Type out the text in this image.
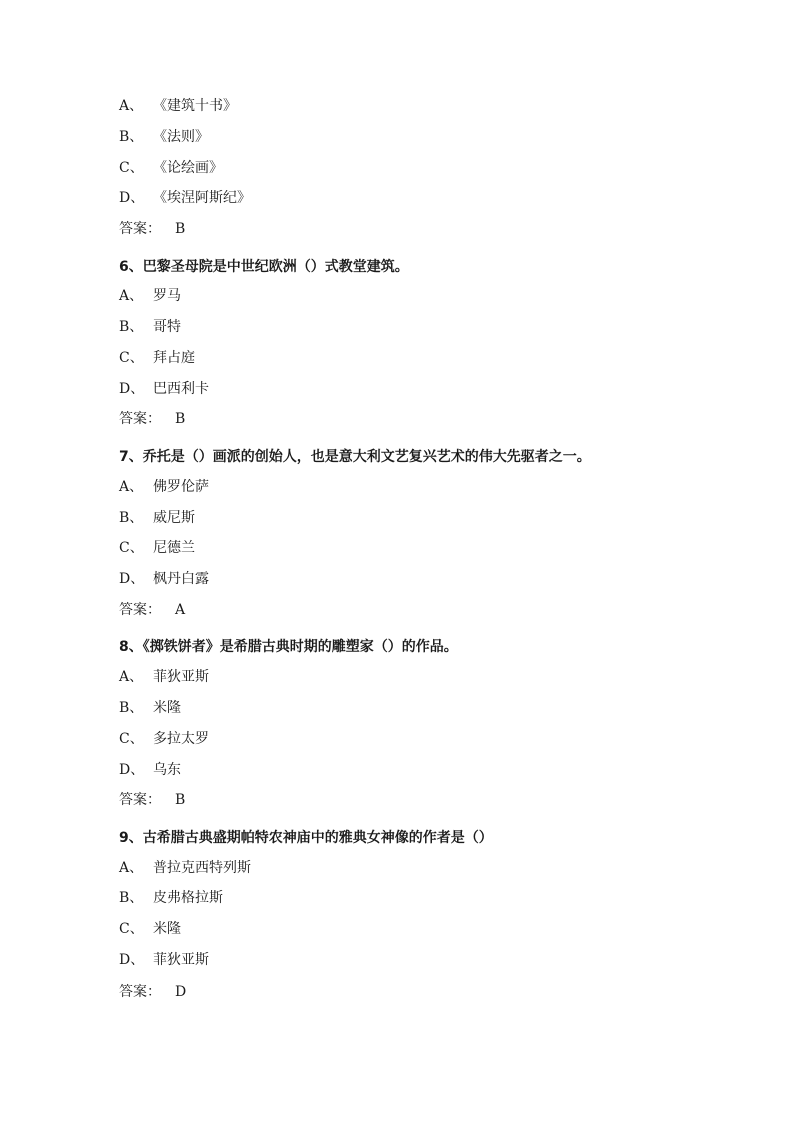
A、 《建筑十书》
B、 《法则》
C、 《论绘画》
D、 《埃涅阿斯纪》
答案： B
6、巴黎圣母院是中世纪欧洲（）式教堂建筑。
A、 罗马
B、 哥特
C、 拜占庭
D、 巴西利卡
答案： B
7、乔托是（）画派的创始人，也是意大利文艺复兴艺术的伟大先驱者之一。
A、 佛罗伦萨
B、 威尼斯
C、 尼德兰
D、 枫丹白露
答案： A
8、《掷铁饼者》是希腊古典时期的雕塑家（）的作品。
A、 菲狄亚斯
B、 米隆
C、 多拉太罗
D、 乌东
答案： B
9、古希腊古典盛期帕特农神庙中的雅典女神像的作者是（）
A、 普拉克西特列斯
B、 皮弗格拉斯
C、 米隆
D、 菲狄亚斯
答案： D
